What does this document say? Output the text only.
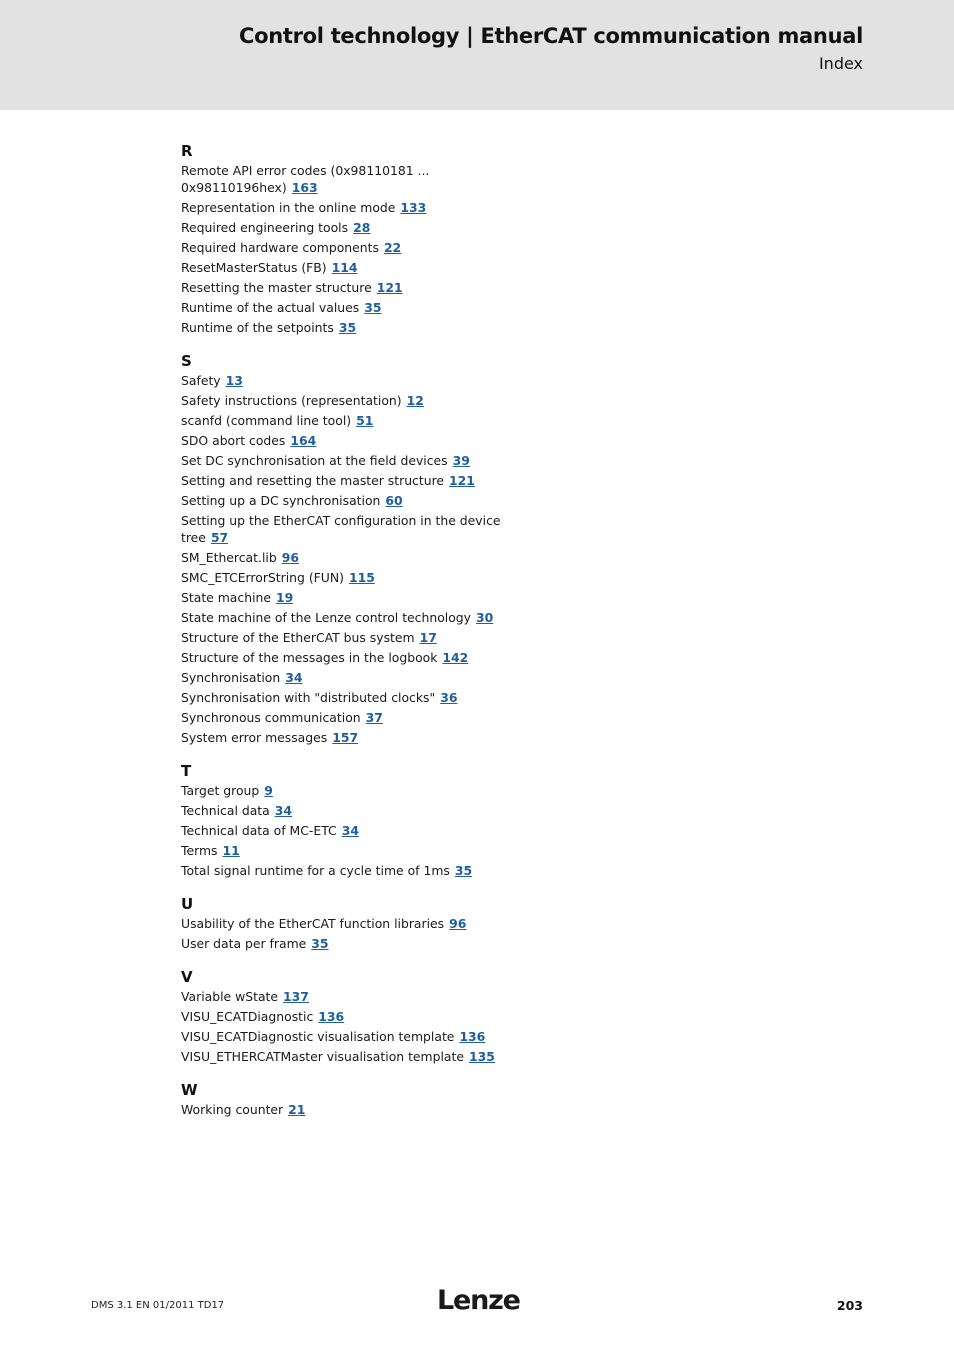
Control technology | EtherCAT communication manual
Index
R
Remote API error codes (0x98110181 ...
0x98110196hex) 163
Representation in the online mode 133
Required engineering tools 28
Required hardware components 22
ResetMasterStatus (FB) 114
Resetting the master structure 121
Runtime of the actual values 35
Runtime of the setpoints 35
S
Safety 13
Safety instructions (representation) 12
scanfd (command line tool) 51
SDO abort codes 164
Set DC synchronisation at the field devices 39
Setting and resetting the master structure 121
Setting up a DC synchronisation 60
Setting up the EtherCAT configuration in the device
tree 57
SM_Ethercat.lib 96
SMC_ETCErrorString (FUN) 115
State machine 19
State machine of the Lenze control technology 30
Structure of the EtherCAT bus system 17
Structure of the messages in the logbook 142
Synchronisation 34
Synchronisation with "distributed clocks" 36
Synchronous communication 37
System error messages 157
T
Target group 9
Technical data 34
Technical data of MC-ETC 34
Terms 11
Total signal runtime for a cycle time of 1ms 35
U
Usability of the EtherCAT function libraries 96
User data per frame 35
V
Variable wState 137
VISU_ECATDiagnostic 136
VISU_ECATDiagnostic visualisation template 136
VISU_ETHERCATMaster visualisation template 135
W
Working counter 21
DMS 3.1 EN 01/2011 TD17	Lenze	203
